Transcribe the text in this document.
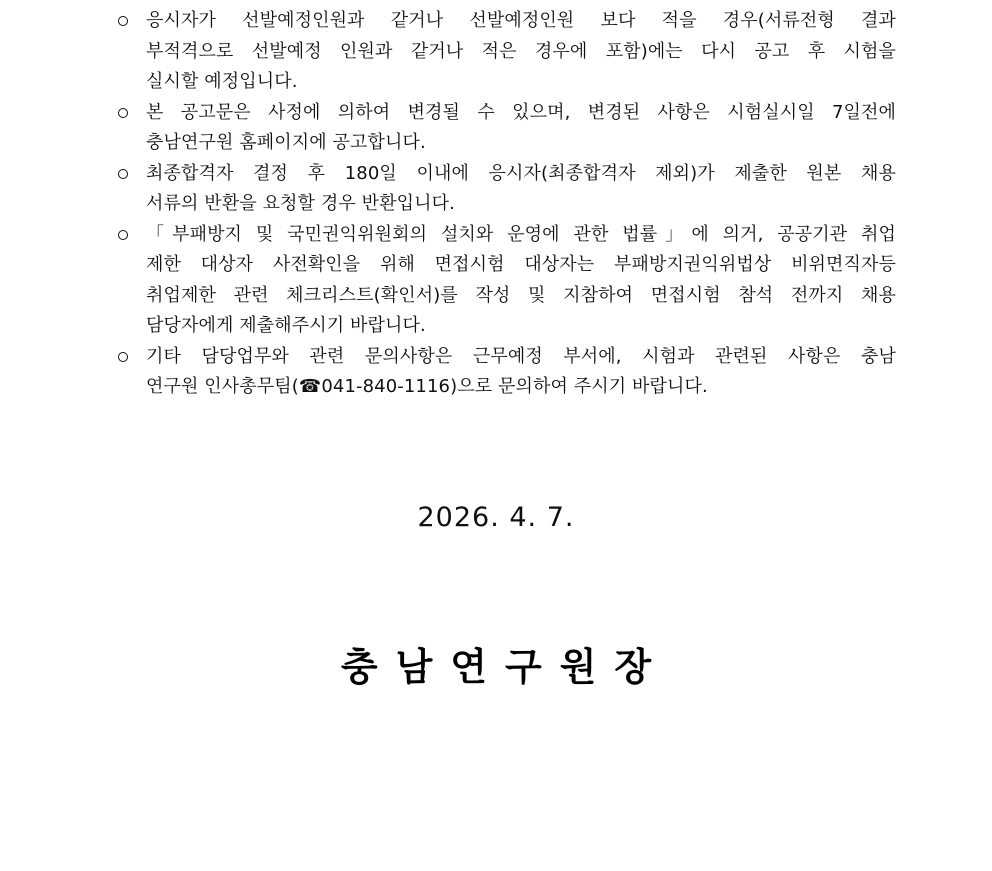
응시자가 선발예정인원과 같거나 선발예정인원 보다 적을 경우(서류전형 결과
부적격으로 선발예정 인원과 같거나 적은 경우에 포함)에는 다시 공고 후 시험을
실시할 예정입니다.
본 공고문은 사정에 의하여 변경될 수 있으며, 변경된 사항은 시험실시일 7일전에
충남연구원 홈페이지에 공고합니다.
최종합격자 결정 후 180일 이내에 응시자(최종합격자 제외)가 제출한 원본 채용
서류의 반환을 요청할 경우 반환입니다.
「부패방지 및 국민권익위원회의 설치와 운영에 관한 법률」에 의거, 공공기관 취업
제한 대상자 사전확인을 위해 면접시험 대상자는 부패방지권익위법상 비위면직자등
취업제한 관련 체크리스트(확인서)를 작성 및 지참하여 면접시험 참석 전까지 채용
담당자에게 제출해주시기 바랍니다.
기타 담당업무와 관련 문의사항은 근무예정 부서에, 시험과 관련된 사항은 충남
연구원 인사총무팀(☎041-840-1116)으로 문의하여 주시기 바랍니다.
2026. 4. 7.
충남연구원장
